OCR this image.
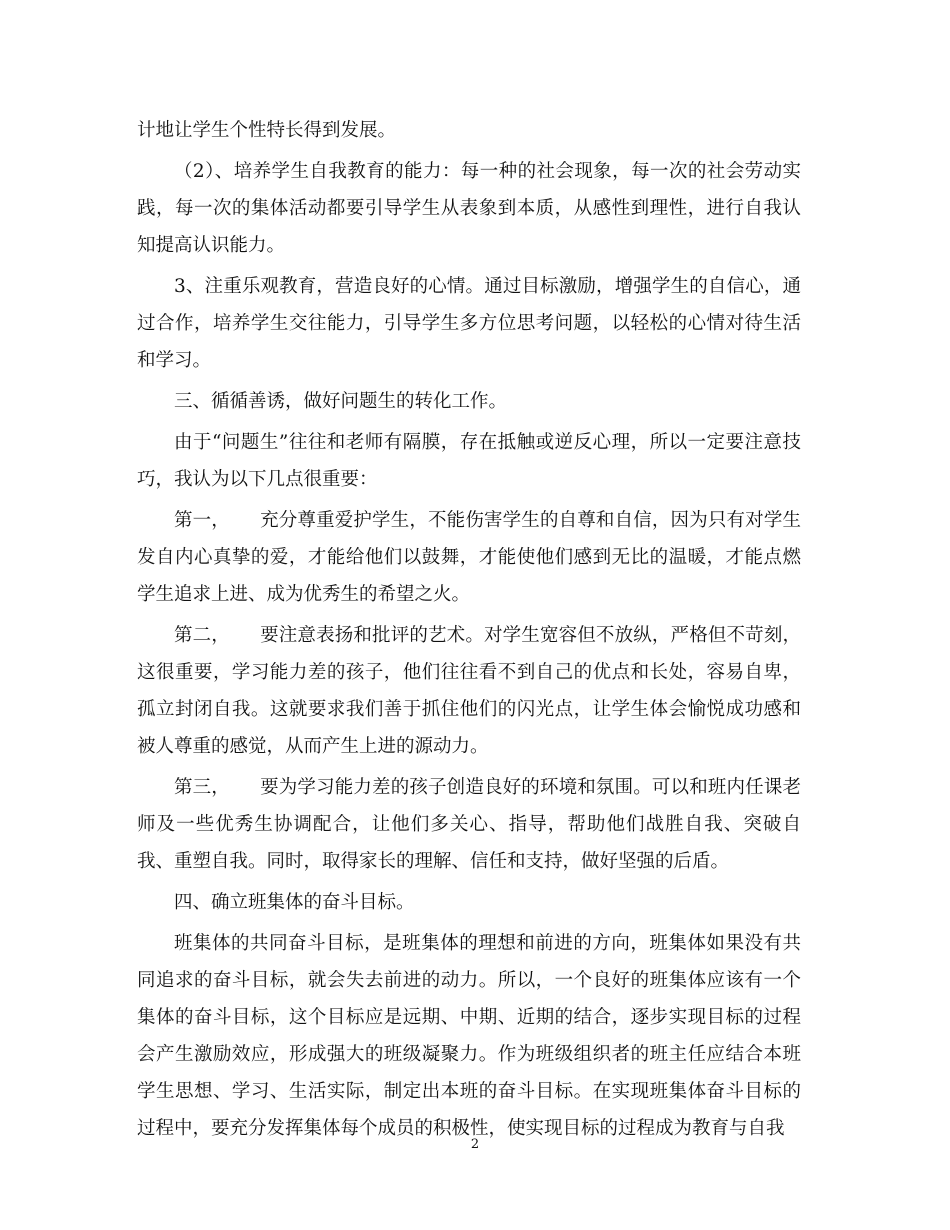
计地让学生个性特长得到发展。

（2）、培养学生自我教育的能力：每一种的社会现象，每一次的社会劳动实践，每一次的集体活动都要引导学生从表象到本质，从感性到理性，进行自我认知提高认识能力。

3、注重乐观教育，营造良好的心情。通过目标激励，增强学生的自信心，通过合作，培养学生交往能力，引导学生多方位思考问题，以轻松的心情对待生活和学习。

三、循循善诱，做好问题生的转化工作。

由于“问题生”往往和老师有隔膜，存在抵触或逆反心理，所以一定要注意技巧，我认为以下几点很重要：

第一， 充分尊重爱护学生，不能伤害学生的自尊和自信，因为只有对学生发自内心真挚的爱，才能给他们以鼓舞，才能使他们感到无比的温暖，才能点燃学生追求上进、成为优秀生的希望之火。

第二， 要注意表扬和批评的艺术。对学生宽容但不放纵，严格但不苛刻，这很重要，学习能力差的孩子，他们往往看不到自己的优点和长处，容易自卑，孤立封闭自我。这就要求我们善于抓住他们的闪光点，让学生体会愉悦成功感和被人尊重的感觉，从而产生上进的源动力。

第三， 要为学习能力差的孩子创造良好的环境和氛围。可以和班内任课老师及一些优秀生协调配合，让他们多关心、指导，帮助他们战胜自我、突破自我、重塑自我。同时，取得家长的理解、信任和支持，做好坚强的后盾。

四、确立班集体的奋斗目标。

班集体的共同奋斗目标，是班集体的理想和前进的方向，班集体如果没有共同追求的奋斗目标，就会失去前进的动力。所以，一个良好的班集体应该有一个集体的奋斗目标，这个目标应是远期、中期、近期的结合，逐步实现目标的过程会产生激励效应，形成强大的班级凝聚力。作为班级组织者的班主任应结合本班学生思想、学习、生活实际，制定出本班的奋斗目标。在实现班集体奋斗目标的过程中，要充分发挥集体每个成员的积极性，使实现目标的过程成为教育与自我

2
